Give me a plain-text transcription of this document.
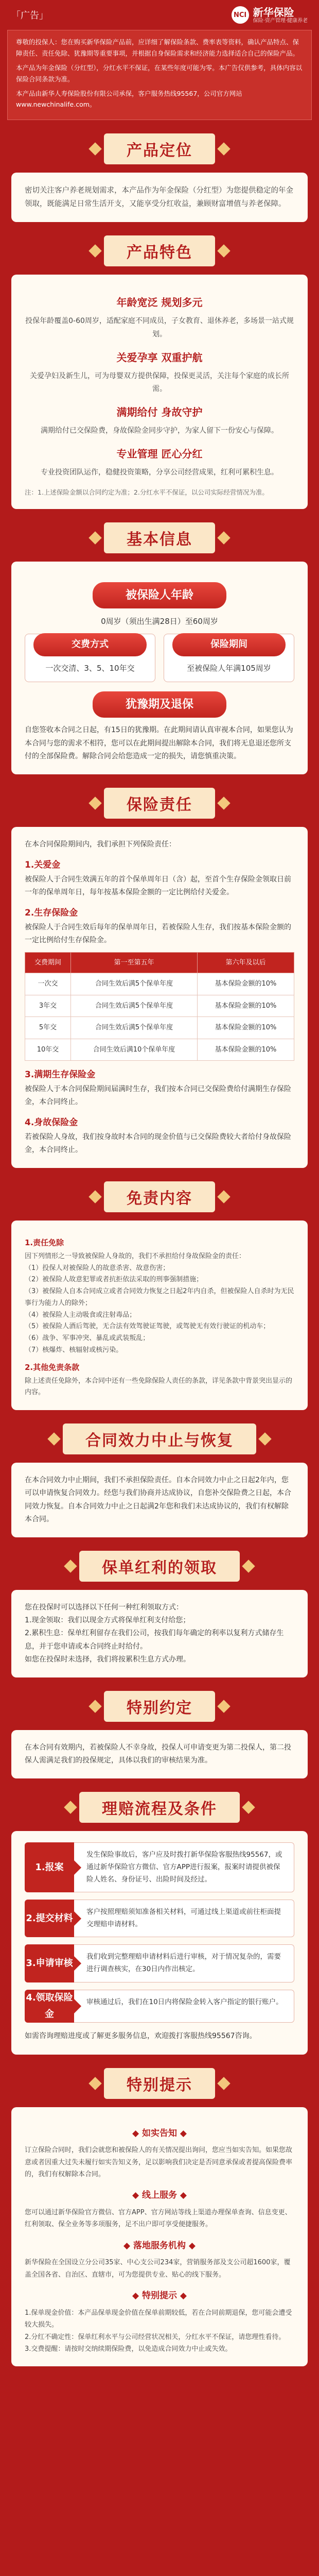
「广告」	NCI 新华保险
保险·资产管理·健康养老

尊敬的投保人：您在购买新华保险产品前，应详细了解保险条款、费率表等资料，确认产品特点、保障责任、责任免除、犹豫期等重要事项，并根据自身保险需求和经济能力选择适合自己的保险产品。

本产品为年金保险（分红型），分红水平不保证，在某些年度可能为零。本广告仅供参考，具体内容以保险合同条款为准。

本产品由新华人寿保险股份有限公司承保，客户服务热线95567，公司官方网站 www.newchinalife.com。

产品定位
密切关注客户养老规划需求，本产品作为年金保险（分红型）为您提供稳定的年金领取，既能满足日常生活开支，又能享受分红收益，兼顾财富增值与养老保障。
产品特色
年龄宽泛 规划多元
投保年龄覆盖0-60周岁，适配家庭不同成员，子女教育、退休养老，多场景一站式规划。
关爱孕享 双重护航
关爱孕妇及新生儿，可为母婴双方提供保障，投保更灵活，关注每个家庭的成长所需。
满期给付 身故守护
满期给付已交保险费，身故保险金同步守护，为家人留下一份安心与保障。
专业管理 匠心分红
专业投资团队运作，稳健投资策略，分享公司经营成果，红利可累积生息。
注：1.上述保险金额以合同约定为准；2.分红水平不保证，以公司实际经营情况为准。
基本信息
被保险人年龄
0周岁（须出生满28日）至60周岁
交费方式
一次交清、3、5、10年交
保险期间
至被保险人年满105周岁
犹豫期及退保
自您签收本合同之日起，有15日的犹豫期。在此期间请认真审视本合同，如果您认为本合同与您的需求不相符，您可以在此期间提出解除本合同，我们将无息退还您所支付的全部保险费。解除合同会给您造成一定的损失，请您慎重决策。
保险责任
在本合同保险期间内，我们承担下列保险责任：
1.关爱金
被保险人于合同生效满五年的首个保单周年日（含）起，至首个生存保险金领取日前一年的保单周年日，每年按基本保险金额的一定比例给付关爱金。
2.生存保险金
被保险人于合同生效后每年的保单周年日，若被保险人生存，我们按基本保险金额的一定比例给付生存保险金。
交费期间	第一至第五年	第六年及以后
一次交	合同生效后满5个保单年度	基本保险金额的10%
3年交	合同生效后满5个保单年度	基本保险金额的10%
5年交	合同生效后满5个保单年度	基本保险金额的10%
10年交	合同生效后满10个保单年度	基本保险金额的10%
3.满期生存保险金
被保险人于本合同保险期间届满时生存，我们按本合同已交保险费给付满期生存保险金，本合同终止。
4.身故保险金
若被保险人身故，我们按身故时本合同的现金价值与已交保险费较大者给付身故保险金，本合同终止。
免责内容
1.责任免除
因下列情形之一导致被保险人身故的，我们不承担给付身故保险金的责任：
（1）投保人对被保险人的故意杀害、故意伤害；
（2）被保险人故意犯罪或者抗拒依法采取的刑事强制措施；
（3）被保险人自本合同成立或者合同效力恢复之日起2年内自杀，但被保险人自杀时为无民事行为能力人的除外；
（4）被保险人主动吸食或注射毒品；
（5）被保险人酒后驾驶，无合法有效驾驶证驾驶，或驾驶无有效行驶证的机动车；
（6）战争、军事冲突、暴乱或武装叛乱；
（7）核爆炸、核辐射或核污染。
2.其他免责条款
除上述责任免除外，本合同中还有一些免除保险人责任的条款，详见条款中背景突出显示的内容。
合同效力中止与恢复
在本合同效力中止期间，我们不承担保险责任。自本合同效力中止之日起2年内，您可以申请恢复合同效力。经您与我们协商并达成协议，自您补交保险费之日起，本合同效力恢复。自本合同效力中止之日起满2年您和我们未达成协议的，我们有权解除本合同。
保单红利的领取
您在投保时可以选择以下任何一种红利领取方式：
1.现金领取：我们以现金方式将保单红利支付给您；
2.累积生息：保单红利留存在我们公司，按我们每年确定的利率以复利方式储存生息，并于您申请或本合同终止时给付。
如您在投保时未选择，我们将按累积生息方式办理。
特别约定
在本合同有效期内，若被保险人不幸身故，投保人可申请变更为第二投保人，第二投保人需满足我们的投保规定，具体以我们的审核结果为准。
理赔流程及条件
1.报案
发生保险事故后，客户应及时拨打新华保险客服热线95567，或通过新华保险官方微信、官方APP进行报案，报案时请提供被保险人姓名、身份证号、出险时间及经过。
2.提交材料
客户按照理赔须知准备相关材料，可通过线上渠道或前往柜面提交理赔申请材料。
3.申请审核
我们收到完整理赔申请材料后进行审核，对于情况复杂的，需要进行调查核实，在30日内作出核定。
4.领取保险金
审核通过后，我们在10日内将保险金转入客户指定的银行账户。
如需咨询理赔进度或了解更多服务信息，欢迎拨打客服热线95567咨询。
特别提示
◆ 如实告知 ◆
订立保险合同时，我们会就您和被保险人的有关情况提出询问，您应当如实告知。如果您故意或者因重大过失未履行如实告知义务，足以影响我们决定是否同意承保或者提高保险费率的，我们有权解除本合同。
◆ 线上服务 ◆
您可以通过新华保险官方微信、官方APP、官方网站等线上渠道办理保单查询、信息变更、红利领取、保全业务等多项服务，足不出户即可享受便捷服务。
◆ 落地服务机构 ◆
新华保险在全国设立分公司35家、中心支公司234家，营销服务部及支公司超1600家，覆盖全国各省、自治区、直辖市，可为您提供专业、贴心的线下服务。
◆ 特别提示 ◆
1.保单现金价值：本产品保单现金价值在保单前期较低，若在合同前期退保，您可能会遭受较大损失。
2.分红不确定性：保单红利水平与公司经营状况相关，分红水平不保证，请您理性看待。
3.交费提醒：请按时交纳续期保险费，以免造成合同效力中止或失效。
